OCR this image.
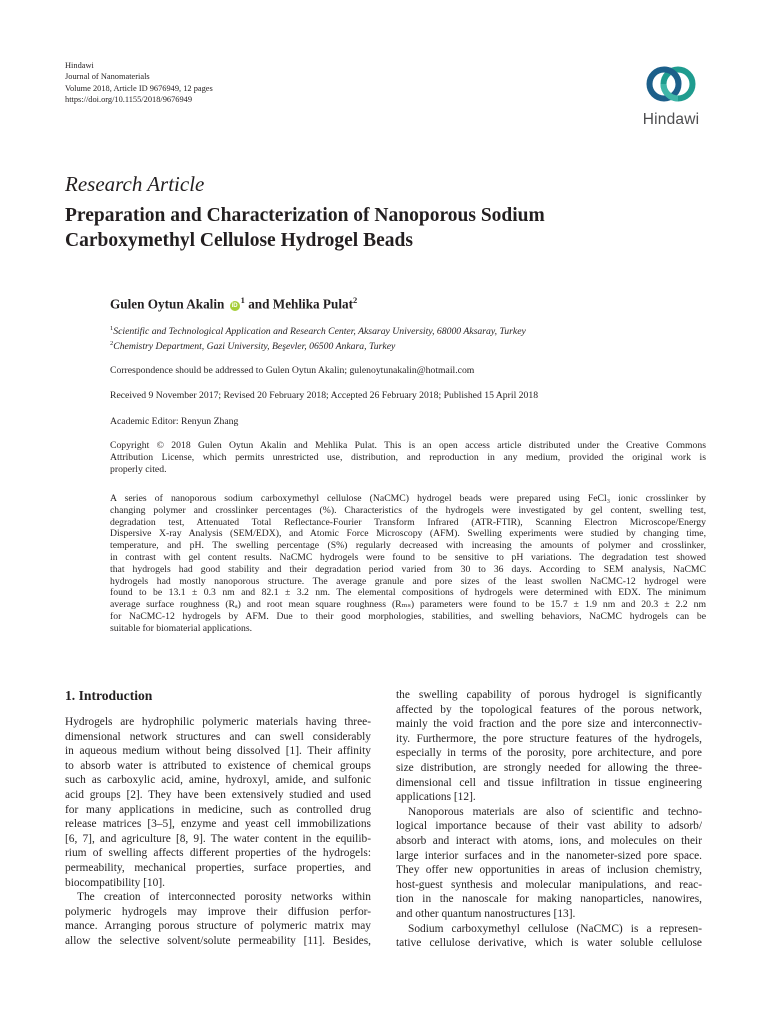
Hindawi
Journal of Nanomaterials
Volume 2018, Article ID 9676949, 12 pages
https://doi.org/10.1155/2018/9676949
Hindawi
Research Article
Preparation and Characterization of Nanoporous Sodium
Carboxymethyl Cellulose Hydrogel Beads
Gulen Oytun Akalin $iD^1$ and Mehlika Pulat$^2$
$^1$Scientific and Technological Application and Research Center, Aksaray University, 68000 Aksaray, Turkey
$^2$Chemistry Department, Gazi University, Beşevler, 06500 Ankara, Turkey
Correspondence should be addressed to Gulen Oytun Akalin; gulenoytunakalin@hotmail.com
Received 9 November 2017; Revised 20 February 2018; Accepted 26 February 2018; Published 15 April 2018
Academic Editor: Renyun Zhang
Copyright © 2018 Gulen Oytun Akalin and Mehlika Pulat. This is an open access article distributed under the Creative Commons
Attribution License, which permits unrestricted use, distribution, and reproduction in any medium, provided the original work is
properly cited.
A series of nanoporous sodium carboxymethyl cellulose (NaCMC) hydrogel beads were prepared using FeCl₃ ionic crosslinker by
changing polymer and crosslinker percentages (%). Characteristics of the hydrogels were investigated by gel content, swelling test,
degradation test, Attenuated Total Reflectance-Fourier Transform Infrared (ATR-FTIR), Scanning Electron Microscope/Energy
Dispersive X-ray Analysis (SEM/EDX), and Atomic Force Microscopy (AFM). Swelling experiments were studied by changing time,
temperature, and pH. The swelling percentage (S%) regularly decreased with increasing the amounts of polymer and crosslinker,
in contrast with gel content results. NaCMC hydrogels were found to be sensitive to pH variations. The degradation test showed
that hydrogels had good stability and their degradation period varied from 30 to 36 days. According to SEM analysis, NaCMC
hydrogels had mostly nanoporous structure. The average granule and pore sizes of the least swollen NaCMC-12 hydrogel were
found to be 13.1 ± 0.3 nm and 82.1 ± 3.2 nm. The elemental compositions of hydrogels were determined with EDX. The minimum
average surface roughness (Rₐ) and root mean square roughness (Rₘₛ) parameters were found to be 15.7 ± 1.9 nm and 20.3 ± 2.2 nm
for NaCMC-12 hydrogels by AFM. Due to their good morphologies, stabilities, and swelling behaviors, NaCMC hydrogels can be
suitable for biomaterial applications.
1. Introduction
Hydrogels are hydrophilic polymeric materials having three-
dimensional network structures and can swell considerably
in aqueous medium without being dissolved [1]. Their affinity
to absorb water is attributed to existence of chemical groups
such as carboxylic acid, amine, hydroxyl, amide, and sulfonic
acid groups [2]. They have been extensively studied and used
for many applications in medicine, such as controlled drug
release matrices [3–5], enzyme and yeast cell immobilizations
[6, 7], and agriculture [8, 9]. The water content in the equilib-
rium of swelling affects different properties of the hydrogels:
permeability, mechanical properties, surface properties, and
biocompatibility [10].
The creation of interconnected porosity networks within
polymeric hydrogels may improve their diffusion perfor-
mance. Arranging porous structure of polymeric matrix may
allow the selective solvent/solute permeability [11]. Besides,
the swelling capability of porous hydrogel is significantly
affected by the topological features of the porous network,
mainly the void fraction and the pore size and interconnectiv-
ity. Furthermore, the pore structure features of the hydrogels,
especially in terms of the porosity, pore architecture, and pore
size distribution, are strongly needed for allowing the three-
dimensional cell and tissue infiltration in tissue engineering
applications [12].
Nanoporous materials are also of scientific and techno-
logical importance because of their vast ability to adsorb/
absorb and interact with atoms, ions, and molecules on their
large interior surfaces and in the nanometer-sized pore space.
They offer new opportunities in areas of inclusion chemistry,
host-guest synthesis and molecular manipulations, and reac-
tion in the nanoscale for making nanoparticles, nanowires,
and other quantum nanostructures [13].
Sodium carboxymethyl cellulose (NaCMC) is a represen-
tative cellulose derivative, which is water soluble cellulose
